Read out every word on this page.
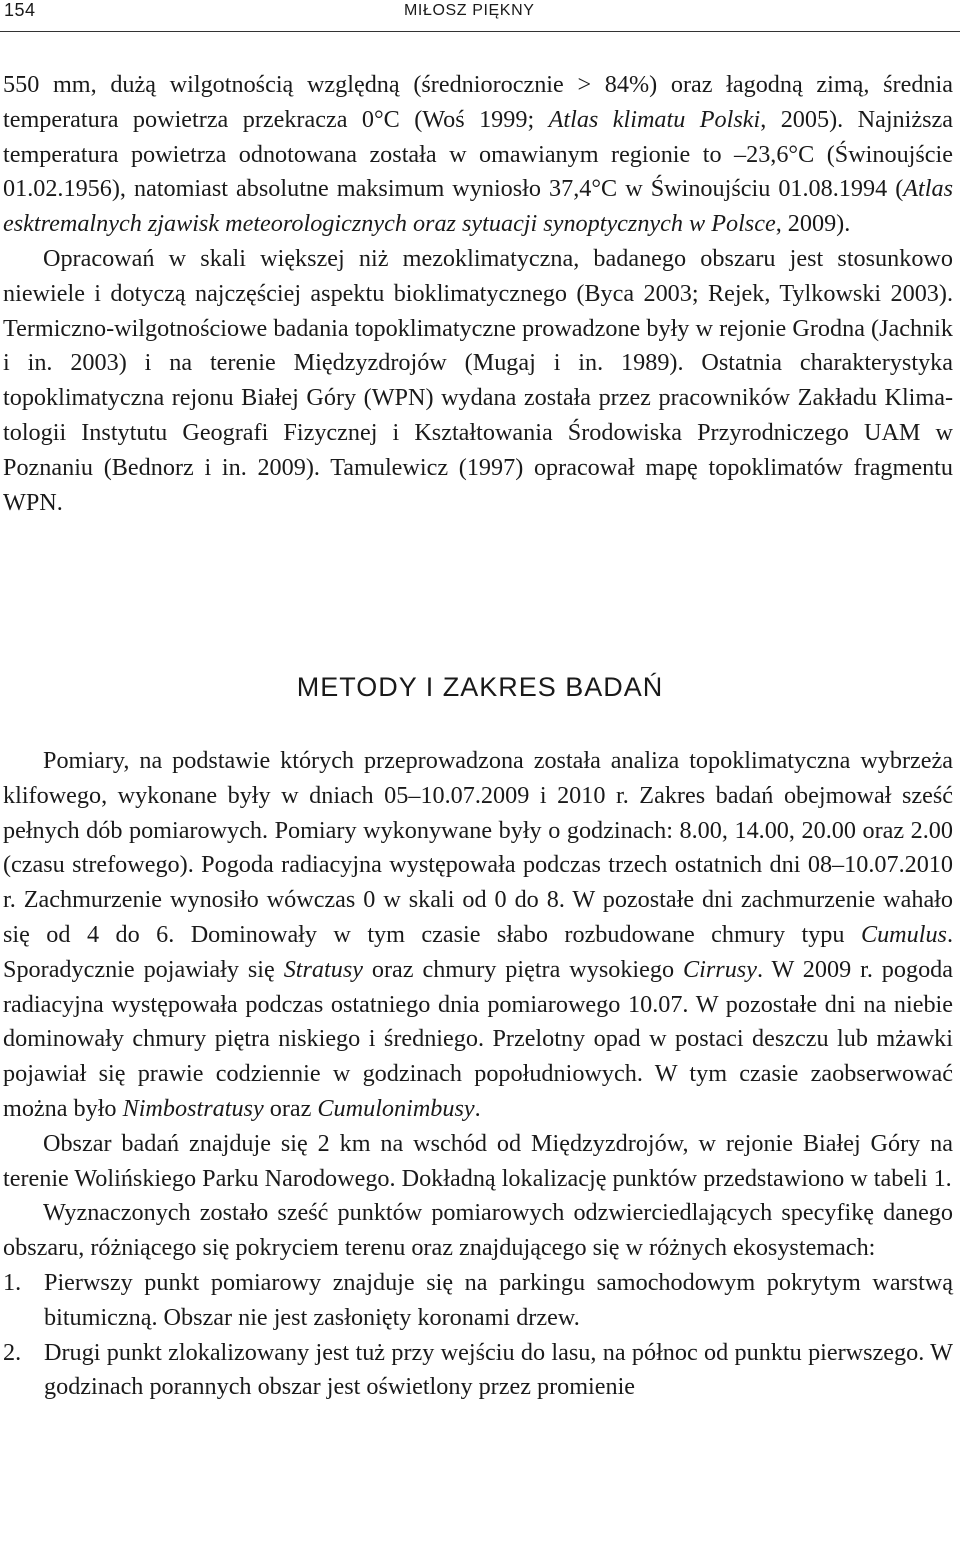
154	MIŁOSZ PIĘKNY

550 mm, dużą wilgotnością względną (średniorocznie > 84%) oraz łagodną zimą, średnia temperatura powietrza przekracza 0°C (Woś 1999; Atlas klimatu Polski, 2005). Najniższa temperatura powietrza odnotowana została w omawianym regionie to –23,6°C (Świnoujście 01.02.1956), natomiast absolutne maksimum wyniosło 37,4°C w Świnoujściu 01.08.1994 (Atlas esktremalnych zjawisk meteorologicznych oraz sytuacji synoptycznych w Polsce, 2009).

Opracowań w skali większej niż mezoklimatyczna, badanego obszaru jest stosunkowo niewiele i dotyczą najczęściej aspektu bioklimatycznego (Byca 2003; Rejek, Tylkowski 2003). Termiczno-wilgotnościowe badania topoklimatyczne prowadzone były w rejonie Grodna (Jachnik i in. 2003) i na terenie Międzyzdrojów (Mugaj i in. 1989). Ostatnia charakterystyka topoklimatyczna rejonu Białej Góry (WPN) wydana została przez pracowników Zakładu Klimatologii Instytutu Geografi Fizycznej i Kształtowania Środowiska Przyrodniczego UAM w Poznaniu (Bednorz i in. 2009). Tamulewicz (1997) opracował mapę topoklimatów fragmentu WPN.

METODY I ZAKRES BADAŃ

Pomiary, na podstawie których przeprowadzona została analiza topoklimatyczna wybrzeża klifowego, wykonane były w dniach 05–10.07.2009 i 2010 r. Zakres badań obejmował sześć pełnych dób pomiarowych. Pomiary wykonywane były o godzinach: 8.00, 14.00, 20.00 oraz 2.00 (czasu strefowego). Pogoda radiacyjna występowała podczas trzech ostatnich dni 08–10.07.2010 r. Zachmurzenie wynosiło wówczas 0 w skali od 0 do 8. W pozostałe dni zachmurzenie wahało się od 4 do 6. Dominowały w tym czasie słabo rozbudowane chmury typu Cumulus. Sporadycznie pojawiały się Stratusy oraz chmury piętra wysokiego Cirrusy. W 2009 r. pogoda radiacyjna występowała podczas ostatniego dnia pomiarowego 10.07. W pozostałe dni na niebie dominowały chmury piętra niskiego i średniego. Przelotny opad w postaci deszczu lub mżawki pojawiał się prawie codziennie w godzinach popołudniowych. W tym czasie zaobserwować można było Nimbostratusy oraz Cumulonimbusy.

Obszar badań znajduje się 2 km na wschód od Międzyzdrojów, w rejonie Białej Góry na terenie Wolińskiego Parku Narodowego. Dokładną lokalizację punktów przedstawiono w tabeli 1.

Wyznaczonych zostało sześć punktów pomiarowych odzwierciedlających specyfikę danego obszaru, różniącego się pokryciem terenu oraz znajdującego się w różnych ekosystemach:

1. Pierwszy punkt pomiarowy znajduje się na parkingu samochodowym pokrytym warstwą bitumiczną. Obszar nie jest zasłonięty koronami drzew.
2. Drugi punkt zlokalizowany jest tuż przy wejściu do lasu, na północ od punktu pierwszego. W godzinach porannych obszar jest oświetlony przez promienie
